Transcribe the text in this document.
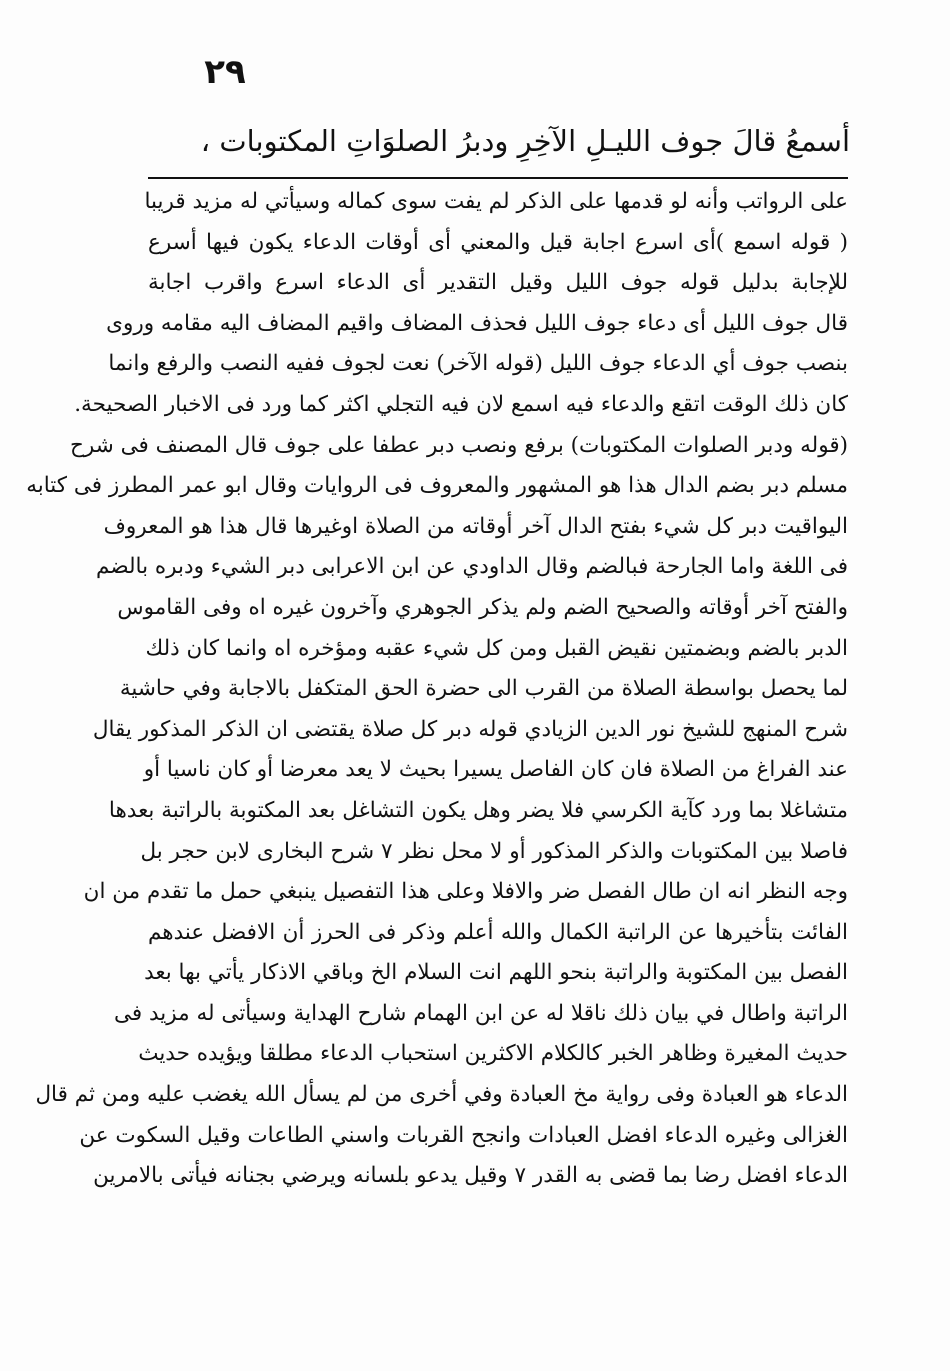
٢٩
أسمعُ قالَ جوف الليـلِ الآخِرِ ودبرُ الصلوَاتِ المكتوبات ،
على الرواتب وأنه لو قدمها على الذكر لم يفت سوى كماله وسيأتي له مزيد قريبا
( قوله اسمع )أى اسرع اجابة قيل والمعني أى أوقات الدعاء يكون فيها أسرع
للإجابة بدليل قوله جوف الليل وقيل التقدير أى الدعاء اسرع واقرب اجابة
قال جوف الليل أى دعاء جوف الليل فحذف المضاف واقيم المضاف اليه مقامه وروى
بنصب جوف أي الدعاء جوف الليل (قوله الآخر) نعت لجوف ففيه النصب والرفع وانما
كان ذلك الوقت اتقع والدعاء فيه اسمع لان فيه التجلي اكثر كما ورد فى الاخبار الصحيحة.
(قوله ودبر الصلوات المكتوبات) برفع ونصب دبر عطفا على جوف قال المصنف فى شرح
مسلم دبر بضم الدال هذا هو المشهور والمعروف فى الروايات وقال ابو عمر المطرز فى كتابه
اليواقيت دبر كل شيء بفتح الدال آخر أوقاته من الصلاة اوغيرها قال هذا هو المعروف
فى اللغة واما الجارحة فبالضم وقال الداودي عن ابن الاعرابى دبر الشيء ودبره بالضم
والفتح آخر أوقاته والصحيح الضم ولم يذكر الجوهري وآخرون غيره اه وفى القاموس
الدبر بالضم وبضمتين نقيض القبل ومن كل شيء عقبه ومؤخره اه وانما كان ذلك
لما يحصل بواسطة الصلاة من القرب الى حضرة الحق المتكفل بالاجابة وفي حاشية
شرح المنهج للشيخ نور الدين الزيادي قوله دبر كل صلاة يقتضى ان الذكر المذكور يقال
عند الفراغ من الصلاة فان كان الفاصل يسيرا بحيث لا يعد معرضا أو كان ناسيا أو
متشاغلا بما ورد كآية الكرسي فلا يضر وهل يكون التشاغل بعد المكتوبة بالراتبة بعدها
فاصلا بين المكتوبات والذكر المذكور أو لا محل نظر ٧ شرح البخارى لابن حجر بل
وجه النظر انه ان طال الفصل ضر والافلا وعلى هذا التفصيل ينبغي حمل ما تقدم من ان
الفائت بتأخيرها عن الراتبة الكمال والله أعلم وذكر فى الحرز أن الافضل عندهم
الفصل بين المكتوبة والراتبة بنحو اللهم انت السلام الخ وباقي الاذكار يأتي بها بعد
الراتبة واطال في بيان ذلك ناقلا له عن ابن الهمام شارح الهداية وسيأتى له مزيد فى
حديث المغيرة وظاهر الخبر كالكلام الاكثرين استحباب الدعاء مطلقا ويؤيده حديث
الدعاء هو العبادة وفى رواية مخ العبادة وفي أخرى من لم يسأل الله يغضب عليه ومن ثم قال
الغزالى وغيره الدعاء افضل العبادات وانجح القربات واسني الطاعات وقيل السكوت عن
الدعاء افضل رضا بما قضى به القدر ٧ وقيل يدعو بلسانه ويرضي بجنانه فيأتى بالامرين
